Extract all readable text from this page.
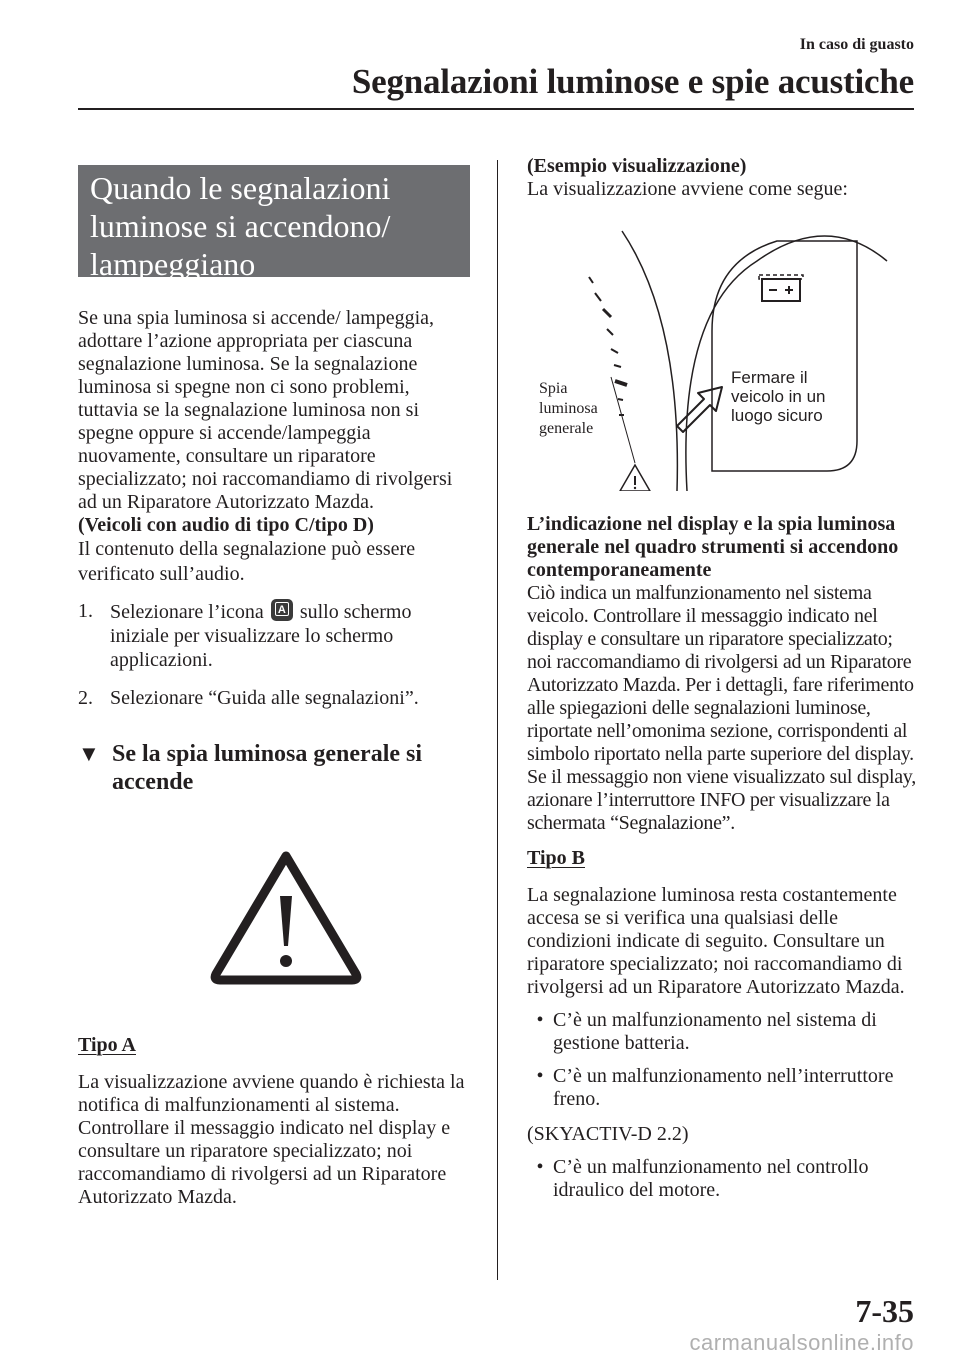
In caso di guasto
Segnalazioni luminose e spie acustiche
Quando le segnalazioni
luminose si accendono/
lampeggiano

Se una spia luminosa si accende/ lampeggia, adottare l’azione appropriata per ciascuna segnalazione luminosa. Se la segnalazione luminosa si spegne non ci sono problemi, tuttavia se la segnalazione luminosa non si spegne oppure si accende/lampeggia nuovamente, consultare un riparatore specializzato; noi raccomandiamo di rivolgersi ad un Riparatore Autorizzato Mazda.

(Veicoli con audio di tipo C/tipo D)

Il contenuto della segnalazione può essere verificato sull’audio.

1. Selezionare l’icona A sullo schermo iniziale per visualizzare lo schermo applicazioni.
2. Selezionare “Guida alle segnalazioni”.
▼ Se la spia luminosa generale si accende
Tipo A

La visualizzazione avviene quando è richiesta la notifica di malfunzionamenti al sistema.

Controllare il messaggio indicato nel display e consultare un riparatore specializzato; noi raccomandiamo di rivolgersi ad un Riparatore Autorizzato Mazda.

(Esempio visualizzazione)

La visualizzazione avviene come segue:

Spia
luminosa
generale
Fermare il
veicolo in un
luogo sicuro

L’indicazione nel display e la spia luminosa generale nel quadro strumenti si accendono contemporaneamente

Ciò indica un malfunzionamento nel sistema veicolo. Controllare il messaggio indicato nel display e consultare un riparatore specializzato; noi raccomandiamo di rivolgersi ad un Riparatore Autorizzato Mazda. Per i dettagli, fare riferimento alle spiegazioni delle segnalazioni luminose, riportate nell’omonima sezione, corrispondenti al simbolo riportato nella parte superiore del display. Se il messaggio non viene visualizzato sul display, azionare l’interruttore INFO per visualizzare la schermata “Segnalazione”.

Tipo B

La segnalazione luminosa resta costantemente accesa se si verifica una qualsiasi delle condizioni indicate di seguito. Consultare un riparatore specializzato; noi raccomandiamo di rivolgersi ad un Riparatore Autorizzato Mazda.

• C’è un malfunzionamento nel sistema di gestione batteria.
• C’è un malfunzionamento nell’interruttore freno.

(SKYACTIV-D 2.2)

• C’è un malfunzionamento nel controllo idraulico del motore.
7-35
carmanualsonline.info
